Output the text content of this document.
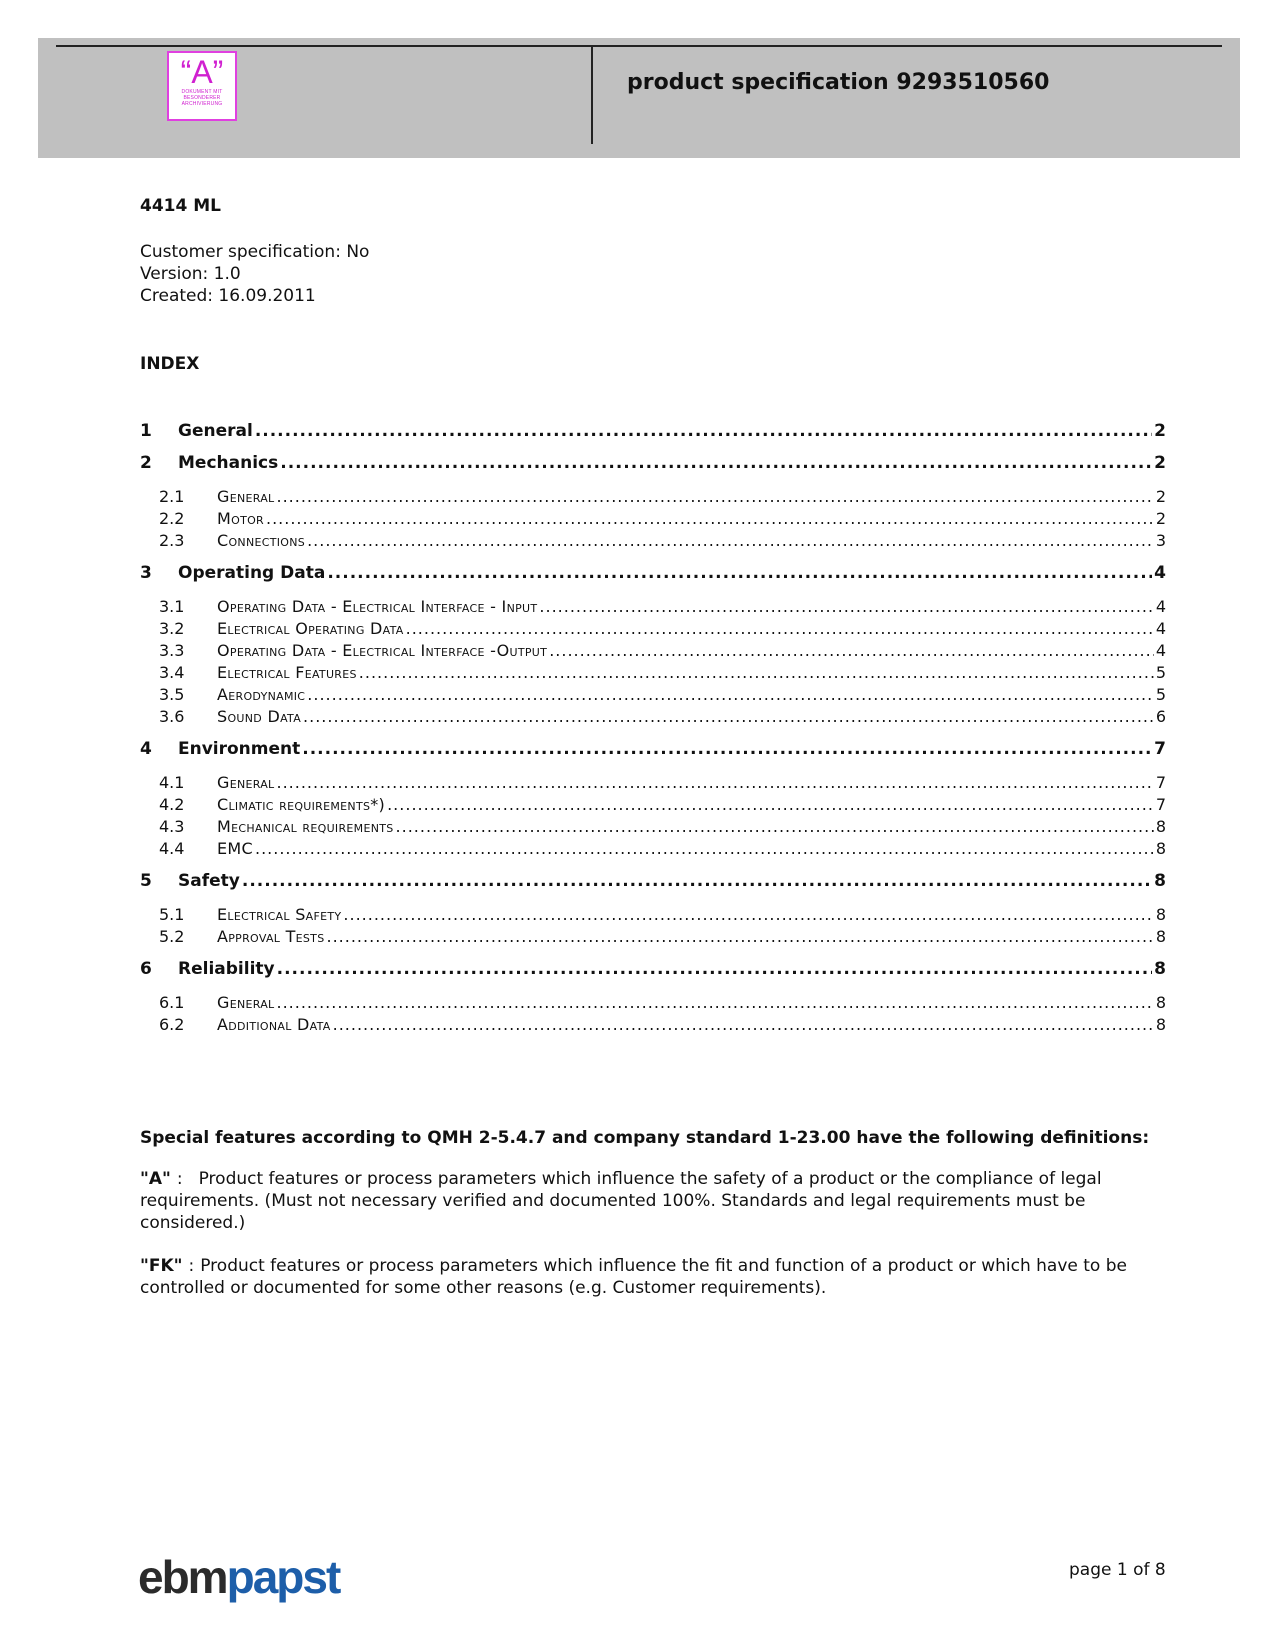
“A”
DOKUMENT MIT
BESONDERER
ARCHIVIERUNG
product specification 9293510560
4414 ML
Customer specification: No
Version: 1.0
Created: 16.09.2011
INDEX
1	General .....	2
2	Mechanics .....	2
2.1	General .....	2
2.2	Motor .....	2
2.3	Connections .....	3
3	Operating Data .....	4
3.1	Operating Data - Electrical Interface - Input .....	4
3.2	Electrical Operating Data .....	4
3.3	Operating Data - Electrical Interface -Output .....	4
3.4	Electrical Features .....	5
3.5	Aerodynamic .....	5
3.6	Sound Data .....	6
4	Environment .....	7
4.1	General .....	7
4.2	Climatic requirements*) .....	7
4.3	Mechanical requirements .....	8
4.4	EMC .....	8
5	Safety .....	8
5.1	Electrical Safety .....	8
5.2	Approval Tests .....	8
6	Reliability .....	8
6.1	General .....	8
6.2	Additional Data .....	8
Special features according to QMH 2-5.4.7 and company standard 1-23.00 have the following definitions:
"A" : Product features or process parameters which influence the safety of a product or the compliance of legal requirements. (Must not necessary verified and documented 100%. Standards and legal requirements must be considered.)
"FK" : Product features or process parameters which influence the fit and function of a product or which have to be controlled or documented for some other reasons (e.g. Customer requirements).
ebmpapst	page 1 of 8
